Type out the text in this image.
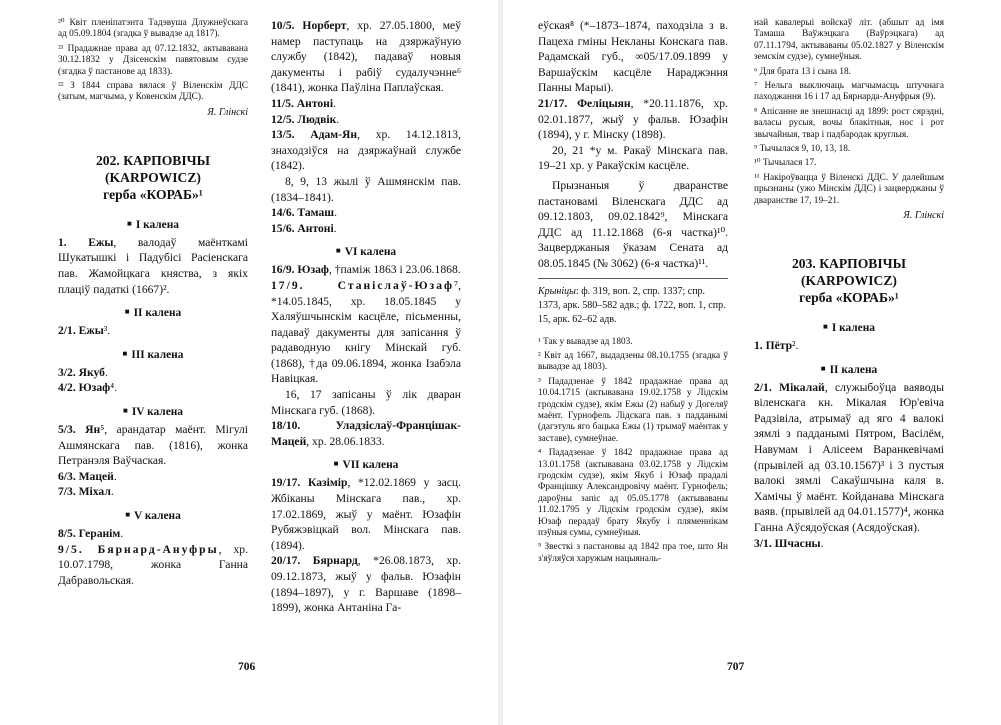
²⁰ Квіт пленіпатэнта Тадэвуша Длужнеўскага ад 05.09.1804 (згадка ў вывадзе ад 1817).

²¹ Прадажнае права ад 07.12.1832, актывавана 30.12.1832 у Дзісенскім павятовым судзе (згадка ў пастанове ад 1833).

²² З 1844 справа вялася ў Віленскім ДДС (затым, магчыма, у Ковенскім ДДС).

Я. Глінскі

202. КАРПОВІЧЫ
(KARPOWICZ)
герба «КОРАБ»¹
■ I калена

1. Ежы, валодаў маёнткамі Шукатышкі і Падубісі Расіенскага пав. Жамойцкага княства, з якіх плаціў падаткі (1667)².

■ II калена

2/1. Ежы³.

■ III калена

3/2. Якуб.

4/2. Юзаф⁴.

■ IV калена

5/3. Ян⁵, арандатар маёнт. Мігулі Ашмянскага пав. (1816), жонка Петранэля Ваўчаская.

6/3. Мацей.

7/3. Міхал.

■ V калена

8/5. Геранім.

9/5. Бярнард-Ануфры, хр. 10.07.1798, жонка Ганна Дабравольская.

10/5. Норберт, хр. 27.05.1800, меў намер паступаць на дзяржаўную службу (1842), падаваў новыя дакументы і рабіў судалучэнне⁶ (1841), жонка Паўліна Паплаўская.

11/5. Антоні.

12/5. Людвік.

13/5. Адам-Ян, хр. 14.12.1813, знаходзіўся на дзяржаўнай службе (1842).

8, 9, 13 жылі ў Ашмянскім пав. (1834–1841).

14/6. Тамаш.

15/6. Антоні.

■ VI калена

16/9. Юзаф, †паміж 1863 і 23.06.1868.

17/9. Станіслаў-Юзаф⁷, *14.05.1845, хр. 18.05.1845 у Халяўшчынскім касцёле, пісьменны, падаваў дакументы для запісання ў радаводную кнігу Мінскай губ. (1868), †да 09.06.1894, жонка Ізабэла Навіцкая.

16, 17 запісаны ў лік дваран Мінскага губ. (1868).

18/10. Уладзіслаў-Францішак-Мацей, хр. 28.06.1833.

■ VII калена

19/17. Казімір, *12.02.1869 у засц. Жбіканы Мінскага пав., хр. 17.02.1869, жыў у маёнт. Юзафін Рубяжэвіцкай вол. Мінскага пав. (1894).

20/17. Бярнард, *26.08.1873, хр. 09.12.1873, жыў у фальв. Юзафін (1894–1897), у г. Варшаве (1898–1899), жонка Антаніна Га-

706

еўская⁸ (*–1873–1874, паходзіла з в. Пацеха гміны Некланы Конскага пав. Радамскай губ., ∞05/17.09.1899 у Варшаўскім касцёле Нараджэння Панны Марыі).

21/17. Феліцыян, *20.11.1876, хр. 02.01.1877, жыў у фальв. Юзафін (1894), у г. Мінску (1898).

20, 21 *у м. Ракаў Мінскага пав. 19–21 хр. у Ракаўскім касцёле.

Прызнаныя ў дваранстве пастановамі Віленскага ДДС ад 09.12.1803, 09.02.1842⁹, Мінскага ДДС ад 11.12.1868 (6-я частка)¹⁰. Зацверджаныя ўказам Сената ад 08.05.1845 (№ 3062) (6-я частка)¹¹.

Крыніцы: ф. 319, воп. 2, спр. 1337; спр. 1373, арк. 580–582 адв.; ф. 1722, воп. 1, спр. 15, арк. 62–62 адв.

¹ Так у вывадзе ад 1803.

² Квіт ад 1667, выдадзены 08.10.1755 (згадка ў вывадзе ад 1803).

³ Пададзенае ў 1842 прадажнае права ад 10.04.1715 (актывавана 19.02.1758 у Лідскім гродскім судзе), якім Ежы (2) набыў у Догеляў маёнт. Гурнофель Лідскага пав. з падданымі (дагэтуль яго бацька Ежы (1) трымаў маёнтак у заставе), сумнеўнае.

⁴ Пададзенае ў 1842 прадажнае права ад 13.01.1758 (актывавана 03.02.1758 у Лідскім гродскім судзе), якім Якуб і Юзаф прадалі Францішку Александровічу маёнт. Гурнофель; дароўны запіс ад 05.05.1778 (актываваны 11.02.1795 у Лідскім гродскім судзе), якім Юзаф перадаў брату Якубу і пляменнікам пэўныя сумы, сумнеўныя.

⁵ Звесткі з пастановы ад 1842 пра тое, што Ян з'яўляўся харужым нацыяналь-

най кавалерыі войскаў літ. (абшыт ад імя Тамаша Ваўжэцкага (Ваўрэцкага) ад 07.11.1794, актываваны 05.02.1827 у Віленскім земскім судзе), сумнеўныя.

⁶ Для брата 13 і сына 18.

⁷ Нельга выключаць магчымасць штучнага паходжання 16 і 17 ад Бярнарда-Ануфрыя (9).

⁸ Апісанне яе знешнасці ад 1899: рост сярэдні, валасы русыя, вочы блакітныя, нос і рот звычайныя, твар і падбародак круглыя.

⁹ Тычылася 9, 10, 13, 18.

¹⁰ Тычылася 17.

¹¹ Накіроўвацца ў Віленскі ДДС. У далейшым прызнаны (ужо Мінскім ДДС) і зацверджаны ў дваранстве 17, 19–21.

Я. Глінскі

203. КАРПОВІЧЫ
(KARPOWICZ)
герба «КОРАБ»¹
■ I калена

1. Пётр².

■ II калена

2/1. Мікалай, служыбоўца ваяводы віленскага кн. Мікалая Юр'евіча Радзівіла, атрымаў ад яго 4 валокі зямлі з падданымі Пятром, Васілём, Навумам і Алісеем Варанкевічамі (прывілей ад 03.10.1567)³ і 3 пустыя валокі зямлі Сакаўшчына каля в. Хамічы ў маёнт. Койданава Мінскага ваяв. (прывілей ад 04.01.1577)⁴, жонка Ганна Аўсядоўская (Асядоўская).

3/1. Шчасны.

707
